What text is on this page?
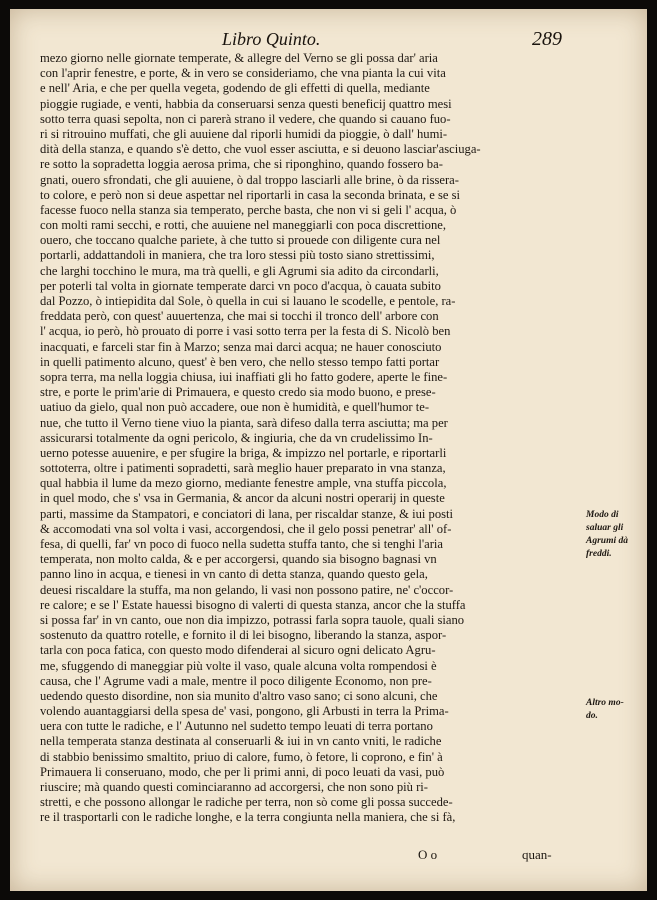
Libro Quinto.	289
mezo giorno nelle giornate temperate, & allegre del Verno se gli possa dar' aria
con l'aprir fenestre, e porte, & in vero se consideriamo, che vna pianta la cui vita
e nell' Aria, e che per quella vegeta, godendo de gli effetti di quella, mediante
pioggie rugiade, e venti, habbia da conseruarsi senza questi beneficij quattro mesi
sotto terra quasi sepolta, non ci parerà strano il vedere, che quando si cauano fuo-
ri si ritrouino muffati, che gli auuiene dal riporli humidi da pioggie, ò dall' humi-
dità della stanza, e quando s'è detto, che vuol esser asciutta, e si deuono lasciar'asciuga-
re sotto la sopradetta loggia aerosa prima, che si riponghino, quando fossero ba-
gnati, ouero sfrondati, che gli auuiene, ò dal troppo lasciarli alle brine, ò da rissera-
to colore, e però non si deue aspettar nel riportarli in casa la seconda brinata, e se si
facesse fuoco nella stanza sia temperato, perche basta, che non vi si geli l' acqua, ò
con molti rami secchi, e rotti, che auuiene nel maneggiarli con poca discrettione,
ouero, che toccano qualche pariete, à che tutto si prouede con diligente cura nel
portarli, addattandoli in maniera, che tra loro stessi più tosto siano strettissimi,
che larghi tocchino le mura, ma trà quelli, e gli Agrumi sia adito da circondarli,
per poterli tal volta in giornate temperate darci vn poco d'acqua, ò cauata subito
dal Pozzo, ò intiepidita dal Sole, ò quella in cui si lauano le scodelle, e pentole, ra-
freddata però, con quest' auuertenza, che mai si tocchi il tronco dell' arbore con
l' acqua, io però, hò prouato di porre i vasi sotto terra per la festa di S. Nicolò ben
inacquati, e farceli star fin à Marzo; senza mai darci acqua; ne hauer conosciuto
in quelli patimento alcuno, quest' è ben vero, che nello stesso tempo fatti portar
sopra terra, ma nella loggia chiusa, iui inaffiati gli ho fatto godere, aperte le fine-
stre, e porte le prim'arie di Primauera, e questo credo sia modo buono, e prese-
uatiuo da gielo, qual non può accadere, oue non è humidità, e quell'humor te-
nue, che tutto il Verno tiene viuo la pianta, sarà difeso dalla terra asciutta; ma per
assicurarsi totalmente da ogni pericolo, & ingiuria, che da vn crudelissimo In-
uerno potesse auuenire, e per sfugire la briga, & impizzo nel portarle, e riportarli
sottoterra, oltre i patimenti sopradetti, sarà meglio hauer preparato in vna stanza,
qual habbia il lume da mezo giorno, mediante fenestre ample, vna stuffa piccola,
in quel modo, che s' vsa in Germania, & ancor da alcuni nostri operarij in queste
parti, massime da Stampatori, e conciatori di lana, per riscaldar stanze, & iui posti
& accomodati vna sol volta i vasi, accorgendosi, che il gelo possi penetrar' all' of-
fesa, di quelli, far' vn poco di fuoco nella sudetta stuffa tanto, che si tenghi l'aria
temperata, non molto calda, & e per accorgersi, quando sia bisogno bagnasi vn
panno lino in acqua, e tienesi in vn canto di detta stanza, quando questo gela,
deuesi riscaldare la stuffa, ma non gelando, li vasi non possono patire, ne' c'occor-
re calore; e se l' Estate hauessi bisogno di valerti di questa stanza, ancor che la stuffa
si possa far' in vn canto, oue non dia impizzo, potrassi farla sopra tauole, quali siano
sostenuto da quattro rotelle, e fornito il di lei bisogno, liberando la stanza, aspor-
tarla con poca fatica, con questo modo difenderai al sicuro ogni delicato Agru-
me, sfuggendo di maneggiar più volte il vaso, quale alcuna volta rompendosi è
causa, che l' Agrume vadi a male, mentre il poco diligente Economo, non pre-
uedendo questo disordine, non sia munito d'altro vaso sano; ci sono alcuni, che
volendo auantaggiarsi della spesa de' vasi, pongono, gli Arbusti in terra la Prima-
uera con tutte le radiche, e l' Autunno nel sudetto tempo leuati di terra portano
nella temperata stanza destinata al conseruarli & iui in vn canto vniti, le radiche
di stabbio benissimo smaltito, priuo di calore, fumo, ò fetore, li coprono, e fin' à
Primauera li conseruano, modo, che per li primi anni, di poco leuati da vasi, può
riuscire; mà quando questi cominciaranno ad accorgersi, che non sono più ri-
stretti, e che possono allongar le radiche per terra, non sò come gli possa succede-
re il trasportarli con le radiche longhe, e la terra congiunta nella maniera, che si fà,
Modo di
saluar gli
Agrumi dà
freddi.
Altro mo-
do.
O o	quan-
